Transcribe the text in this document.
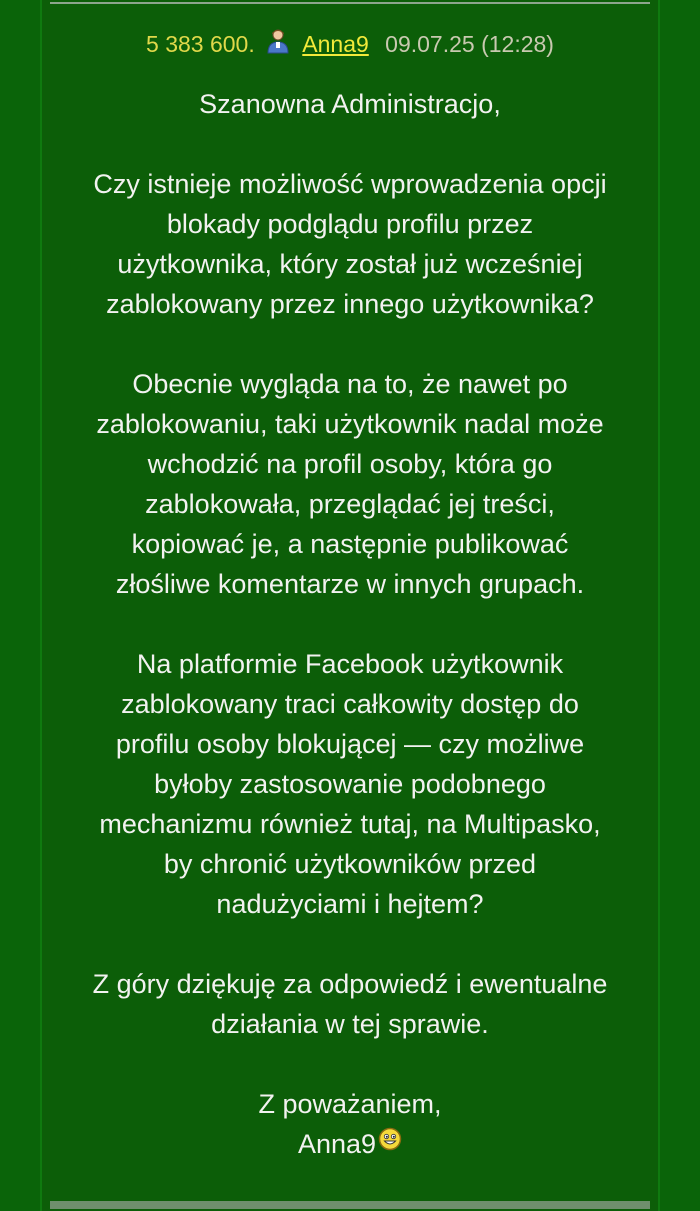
5 383 600. Anna9 09.07.25 (12:28)

Szanowna Administracjo,

Czy istnieje możliwość wprowadzenia opcji
blokady podglądu profilu przez
użytkownika, który został już wcześniej
zablokowany przez innego użytkownika?

Obecnie wygląda na to, że nawet po
zablokowaniu, taki użytkownik nadal może
wchodzić na profil osoby, która go
zablokowała, przeglądać jej treści,
kopiować je, a następnie publikować
złośliwe komentarze w innych grupach.

Na platformie Facebook użytkownik
zablokowany traci całkowity dostęp do
profilu osoby blokującej — czy możliwe
byłoby zastosowanie podobnego
mechanizmu również tutaj, na Multipasko,
by chronić użytkowników przed
nadużyciami i hejtem?

Z góry dziękuję za odpowiedź i ewentualne
działania w tej sprawie.

Z poważaniem,
Anna9
